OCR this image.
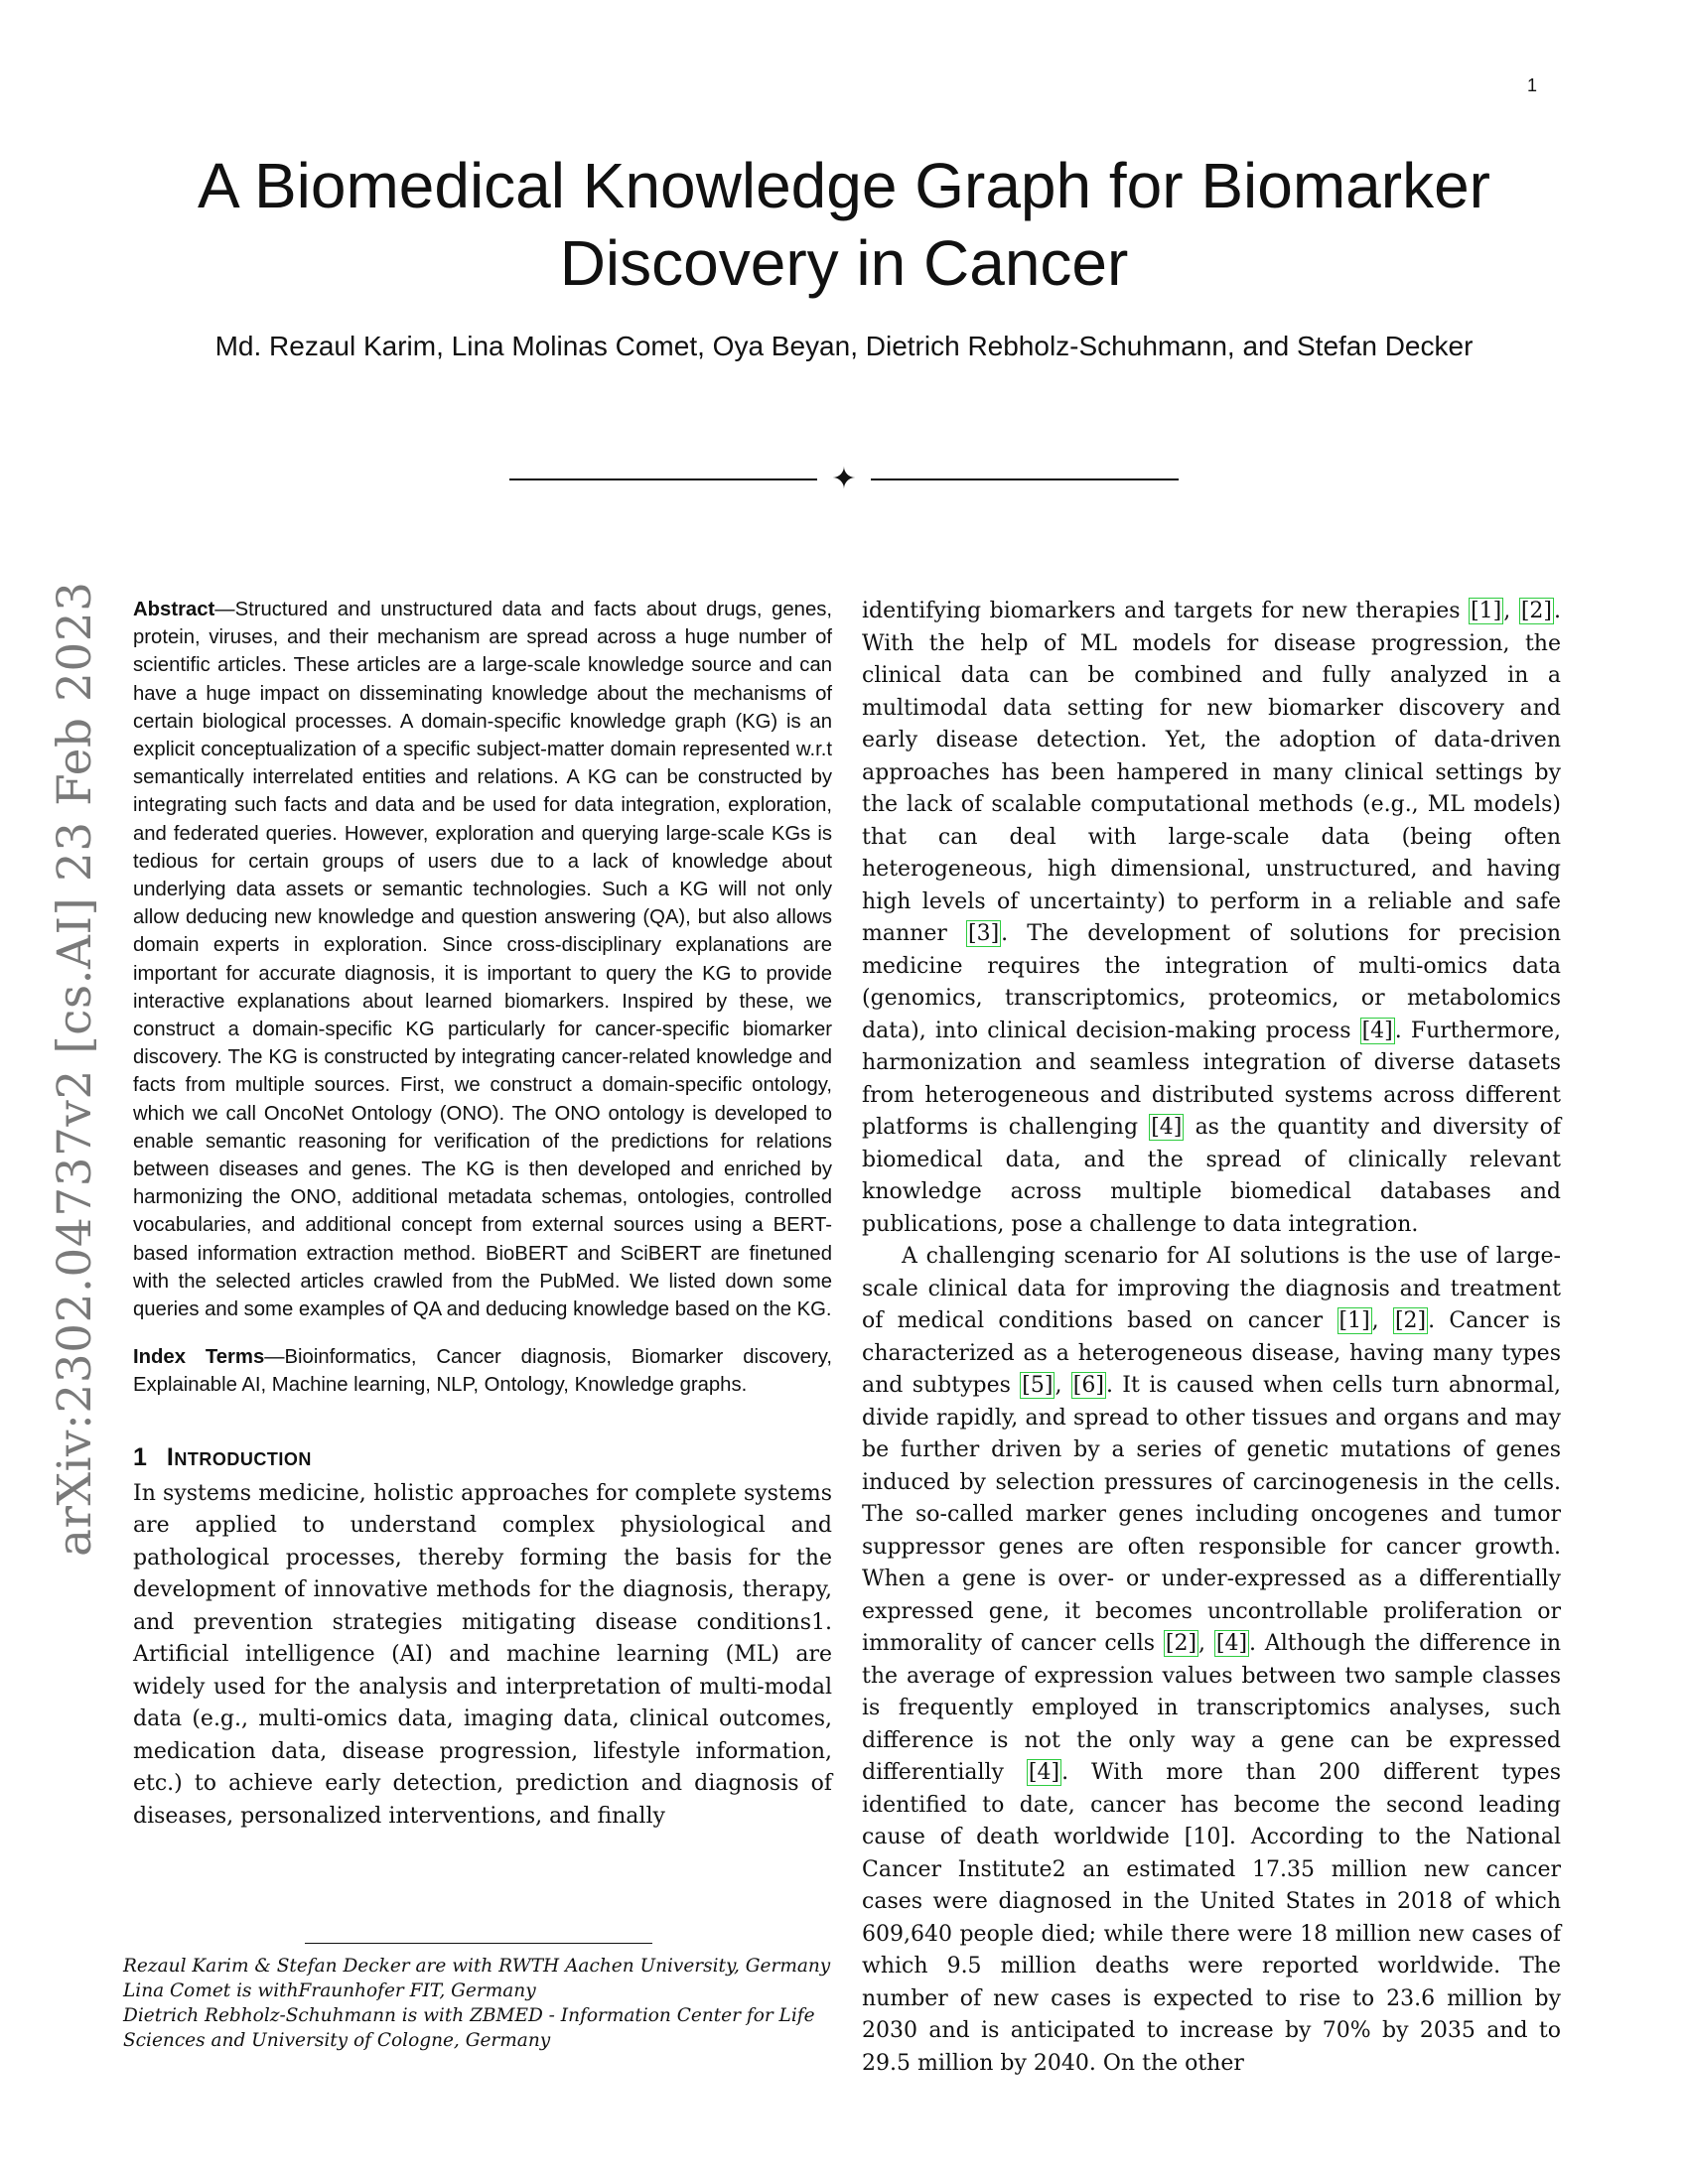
1
A Biomedical Knowledge Graph for Biomarker Discovery in Cancer
Md. Rezaul Karim, Lina Molinas Comet, Oya Beyan, Dietrich Rebholz-Schuhmann, and Stefan Decker
✦
arXiv:2302.04737v2 [cs.AI] 23 Feb 2023 Abstract—Structured and unstructured data and facts about drugs, genes, protein, viruses, and their mechanism are spread across a huge number of scientific articles. These articles are a large-scale knowledge source and can have a huge impact on disseminating knowledge about the mechanisms of certain biological processes. A domain-specific knowledge graph (KG) is an explicit conceptualization of a specific subject-matter domain represented w.r.t semantically interrelated entities and relations. A KG can be constructed by integrating such facts and data and be used for data integration, exploration, and federated queries. However, exploration and querying large-scale KGs is tedious for certain groups of users due to a lack of knowledge about underlying data assets or semantic technologies. Such a KG will not only allow deducing new knowledge and question answering (QA), but also allows domain experts in exploration. Since cross-disciplinary explanations are important for accurate diagnosis, it is important to query the KG to provide interactive explanations about learned biomarkers. Inspired by these, we construct a domain-specific KG particularly for cancer-specific biomarker discovery. The KG is constructed by integrating cancer-related knowledge and facts from multiple sources. First, we construct a domain-specific ontology, which we call OncoNet Ontology (ONO). The ONO ontology is developed to enable semantic reasoning for verification of the predictions for relations between diseases and genes. The KG is then developed and enriched by harmonizing the ONO, additional metadata schemas, ontologies, controlled vocabularies, and additional concept from external sources using a BERT-based information extraction method. BioBERT and SciBERT are finetuned with the selected articles crawled from the PubMed. We listed down some queries and some examples of QA and deducing knowledge based on the KG.

Index Terms—Bioinformatics, Cancer diagnosis, Biomarker discovery, Explainable AI, Machine learning, NLP, Ontology, Knowledge graphs.

1 Introduction

In systems medicine, holistic approaches for complete systems are applied to understand complex physiological and pathological processes, thereby forming the basis for the development of innovative methods for the diagnosis, therapy, and prevention strategies mitigating disease conditions1. Artificial intelligence (AI) and machine learning (ML) are widely used for the analysis and interpretation of multi-modal data (e.g., multi-omics data, imaging data, clinical outcomes, medication data, disease progression, lifestyle information, etc.) to achieve early detection, prediction and diagnosis of diseases, personalized interventions, and finally

identifying biomarkers and targets for new therapies [1], [2]. With the help of ML models for disease progression, the clinical data can be combined and fully analyzed in a multimodal data setting for new biomarker discovery and early disease detection. Yet, the adoption of data-driven approaches has been hampered in many clinical settings by the lack of scalable computational methods (e.g., ML models) that can deal with large-scale data (being often heterogeneous, high dimensional, unstructured, and having high levels of uncertainty) to perform in a reliable and safe manner [3]. The development of solutions for precision medicine requires the integration of multi-omics data (genomics, transcriptomics, proteomics, or metabolomics data), into clinical decision-making process [4]. Furthermore, harmonization and seamless integration of diverse datasets from heterogeneous and distributed systems across different platforms is challenging [4] as the quantity and diversity of biomedical data, and the spread of clinically relevant knowledge across multiple biomedical databases and publications, pose a challenge to data integration.

A challenging scenario for AI solutions is the use of large-scale clinical data for improving the diagnosis and treatment of medical conditions based on cancer [1], [2]. Cancer is characterized as a heterogeneous disease, having many types and subtypes [5], [6]. It is caused when cells turn abnormal, divide rapidly, and spread to other tissues and organs and may be further driven by a series of genetic mutations of genes induced by selection pressures of carcinogenesis in the cells. The so-called marker genes including oncogenes and tumor suppressor genes are often responsible for cancer growth. When a gene is over- or under-expressed as a differentially expressed gene, it becomes uncontrollable proliferation or immorality of cancer cells [2], [4]. Although the difference in the average of expression values between two sample classes is frequently employed in transcriptomics analyses, such difference is not the only way a gene can be expressed differentially [4]. With more than 200 different types identified to date, cancer has become the second leading cause of death worldwide [10]. According to the National Cancer Institute2 an estimated 17.35 million new cancer cases were diagnosed in the United States in 2018 of which 609,640 people died; while there were 18 million new cases of which 9.5 million deaths were reported worldwide. The number of new cases is expected to rise to 23.6 million by 2030 and is anticipated to increase by 70% by 2035 and to 29.5 million by 2040. On the other

Rezaul Karim & Stefan Decker are with RWTH Aachen University, Germany
Lina Comet is withFraunhofer FIT, Germany
Dietrich Rebholz-Schuhmann is with ZBMED - Information Center for Life Sciences and University of Cologne, Germany
